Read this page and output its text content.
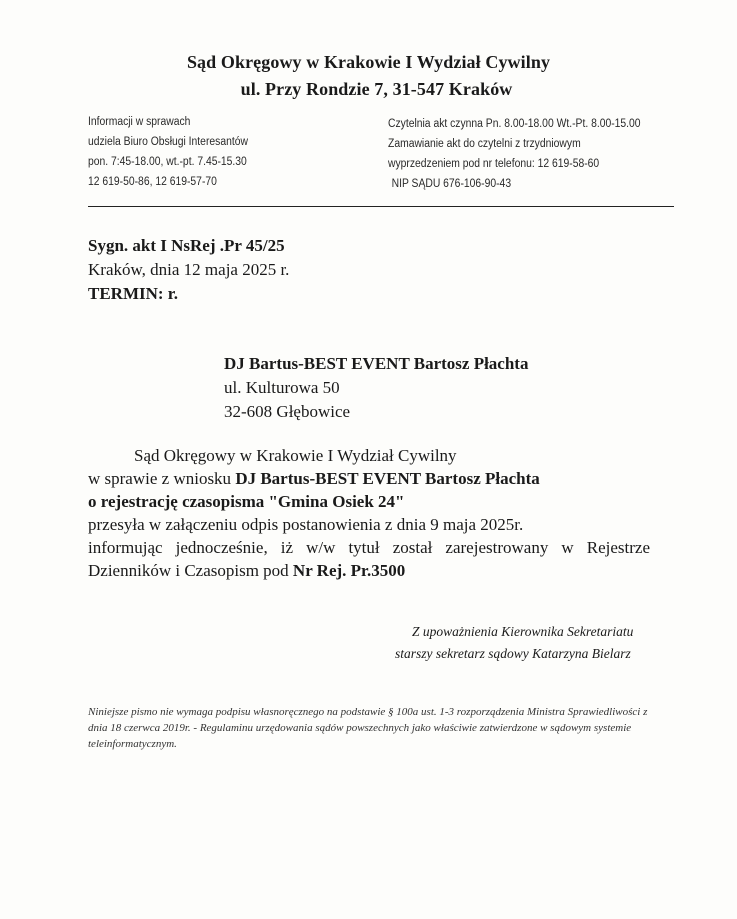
Sąd Okręgowy w Krakowie I Wydział Cywilny
ul. Przy Rondzie 7, 31-547 Kraków
Informacji w sprawach
udziela Biuro Obsługi Interesantów
pon. 7:45-18.00, wt.-pt. 7.45-15.30
12 619-50-86, 12 619-57-70
Czytelnia akt czynna Pn. 8.00-18.00 Wt.-Pt. 8.00-15.00
Zamawianie akt do czytelni z trzydniowym
wyprzedzeniem pod nr telefonu: 12 619-58-60
NIP SĄDU 676-106-90-43
Sygn. akt I NsRej .Pr 45/25
Kraków, dnia 12 maja 2025 r.
TERMIN: r.
DJ Bartus-BEST EVENT Bartosz Płachta
ul. Kulturowa 50
32-608 Głębowice
Sąd Okręgowy w Krakowie I Wydział Cywilny
w sprawie z wniosku DJ Bartus-BEST EVENT Bartosz Płachta
o rejestrację czasopisma "Gmina Osiek 24"
przesyła w załączeniu odpis postanowienia z dnia 9 maja 2025r.
informując jednocześnie, iż w/w tytuł został zarejestrowany w Rejestrze
Dzienników i Czasopism pod Nr Rej. Pr.3500
Z upoważnienia Kierownika Sekretariatu
starszy sekretarz sądowy Katarzyna Bielarz
Niniejsze pismo nie wymaga podpisu własnoręcznego na podstawie § 100a ust. 1-3 rozporządzenia Ministra Sprawiedliwości z dnia 18 czerwca 2019r. - Regulaminu urzędowania sądów powszechnych jako właściwie zatwierdzone w sądowym systemie teleinformatycznym.
